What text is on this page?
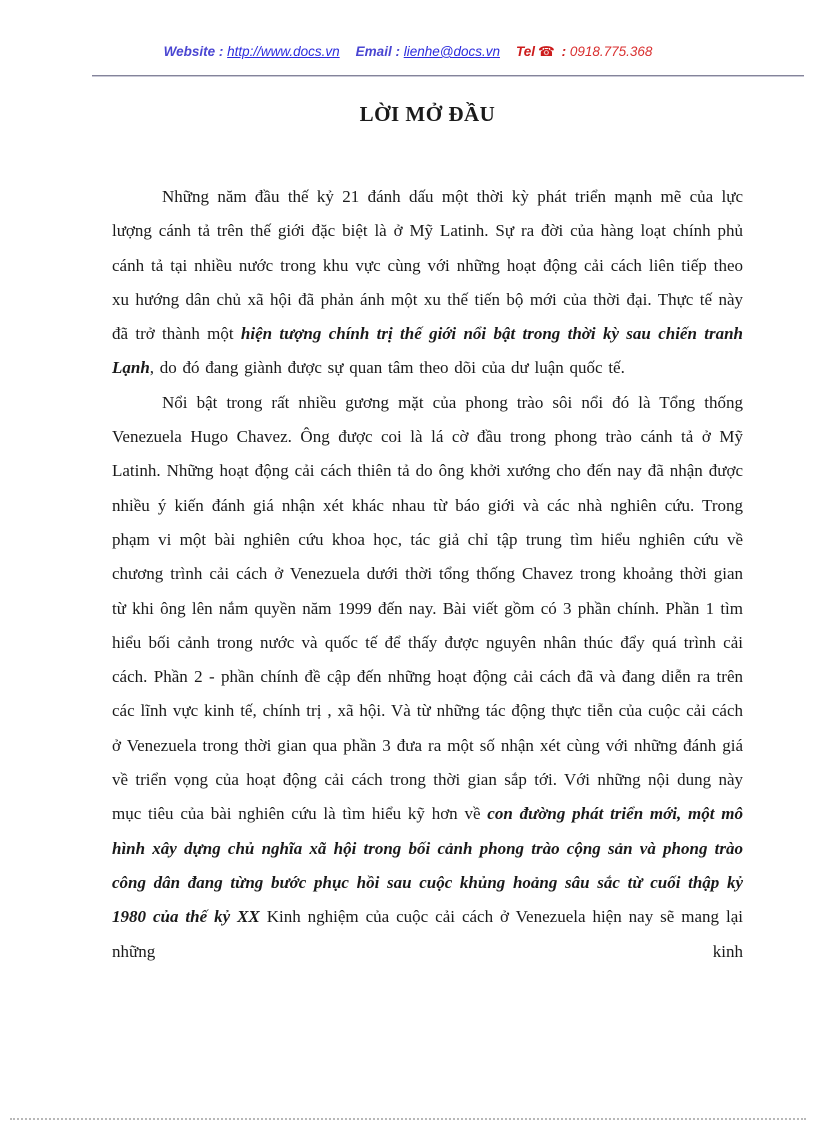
Website : http://www.docs.vn Email : lienhe@docs.vn Tel ☎ : 0918.775.368
LỜI MỞ ĐẦU

Những năm đầu thế kỷ 21 đánh dấu một thời kỳ phát triển mạnh mẽ của lực lượng cánh tả trên thế giới đặc biệt là ở Mỹ Latinh. Sự ra đời của hàng loạt chính phủ cánh tả tại nhiều nước trong khu vực cùng với những hoạt động cải cách liên tiếp theo xu hướng dân chủ xã hội đã phản ánh một xu thế tiến bộ mới của thời đại. Thực tế này đã trở thành một hiện tượng chính trị thế giới nổi bật trong thời kỳ sau chiến tranh Lạnh, do đó đang giành được sự quan tâm theo dõi của dư luận quốc tế.

Nổi bật trong rất nhiều gương mặt của phong trào sôi nổi đó là Tổng thống Venezuela Hugo Chavez. Ông được coi là lá cờ đầu trong phong trào cánh tả ở Mỹ Latinh. Những hoạt động cải cách thiên tả do ông khởi xướng cho đến nay đã nhận được nhiều ý kiến đánh giá nhận xét khác nhau từ báo giới và các nhà nghiên cứu. Trong phạm vi một bài nghiên cứu khoa học, tác giả chỉ tập trung tìm hiểu nghiên cứu về chương trình cải cách ở Venezuela dưới thời tổng thống Chavez trong khoảng thời gian từ khi ông lên nắm quyền năm 1999 đến nay. Bài viết gồm có 3 phần chính. Phần 1 tìm hiểu bối cảnh trong nước và quốc tế để thấy được nguyên nhân thúc đẩy quá trình cải cách. Phần 2 - phần chính đề cập đến những hoạt động cải cách đã và đang diễn ra trên các lĩnh vực kinh tế, chính trị , xã hội. Và từ những tác động thực tiễn của cuộc cải cách ở Venezuela trong thời gian qua phần 3 đưa ra một số nhận xét cùng với những đánh giá về triển vọng của hoạt động cải cách trong thời gian sắp tới. Với những nội dung này mục tiêu của bài nghiên cứu là tìm hiểu kỹ hơn về con đường phát triển mới, một mô hình xây dựng chủ nghĩa xã hội trong bối cảnh phong trào cộng sản và phong trào công dân đang từng bước phục hồi sau cuộc khủng hoảng sâu sắc từ cuối thập kỷ 1980 của thế kỷ XX Kinh nghiệm của cuộc cải cách ở Venezuela hiện nay sẽ mang lại những kinh
